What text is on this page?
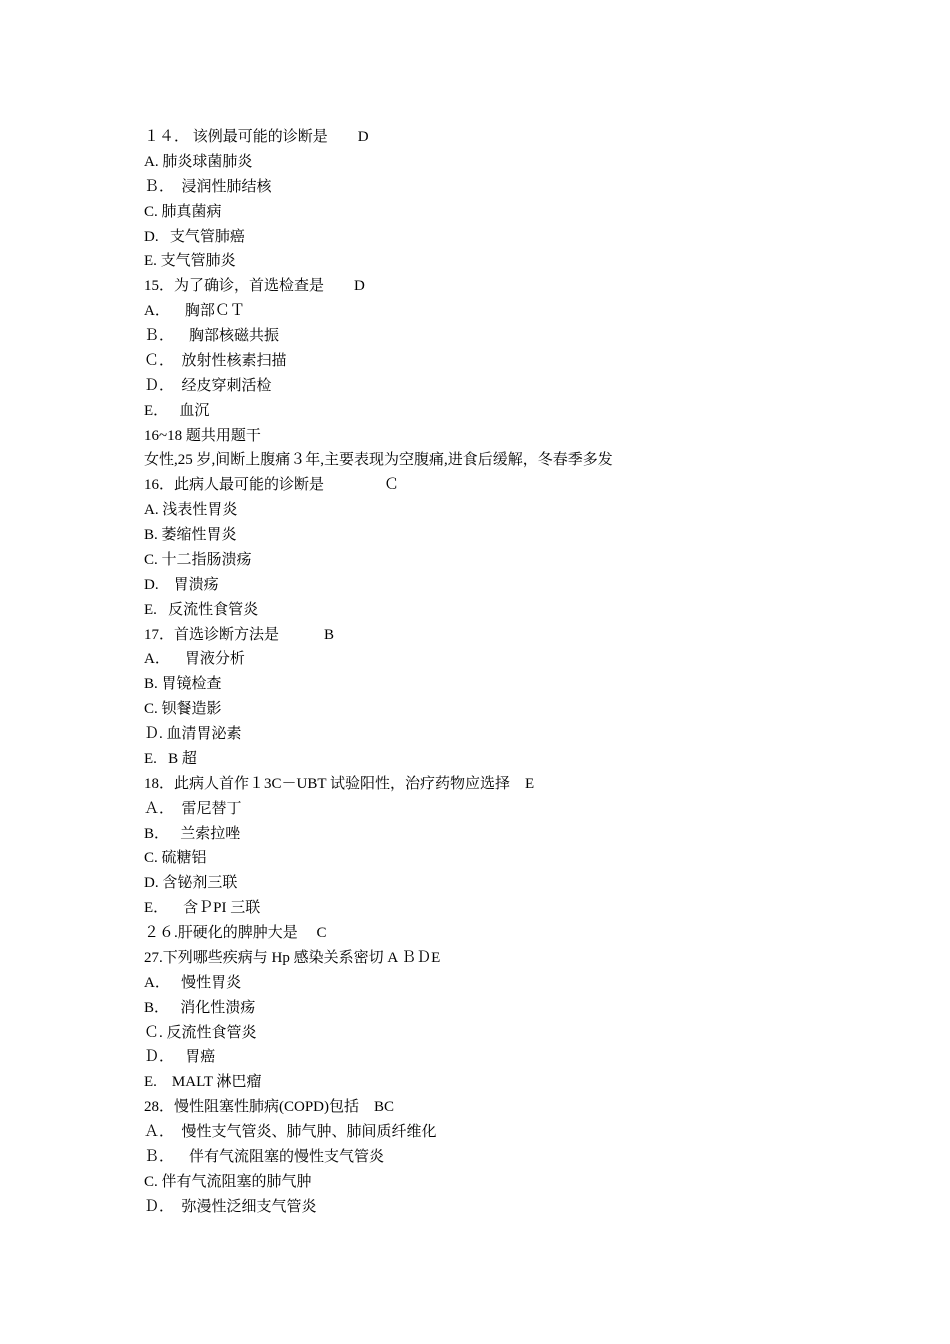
１４． 该例最可能的诊断是　　D
A. 肺炎球菌肺炎
Ｂ．  浸润性肺结核
C. 肺真菌病
D.   支气管肺癌
E. 支气管肺炎
15．为了确诊，首选检查是　　D
A．    胸部ＣＴ
Ｂ．    胸部核磁共振
Ｃ．  放射性核素扫描
Ｄ．  经皮穿刺活检
E．   血沉
16~18 题共用题干
女性,25 岁,间断上腹痛３年,主要表现为空腹痛,进食后缓解，冬春季多发
16．此病人最可能的诊断是　　　　Ｃ
A. 浅表性胃炎
B. 萎缩性胃炎
C. 十二指肠溃疡
D.    胃溃疡
E.   反流性食管炎
17．首选诊断方法是　　　B
A．    胃液分析
B. 胃镜检查
C. 钡餐造影
Ｄ. 血清胃泌素
E.   B 超
18．此病人首作１3C－UBT 试验阳性，治疗药物应选择　E
Ａ．  雷尼替丁
B．   兰索拉唑
C. 硫糖铝
D. 含铋剂三联
E．    含ＰPI 三联
２６.肝硬化的脾肿大是　 C
27.下列哪些疾病与 Hp 感染关系密切 A ＢＤE
A．   慢性胃炎
B．   消化性溃疡
Ｃ. 反流性食管炎
Ｄ．   胃癌
E.    MALT 淋巴瘤
28．慢性阻塞性肺病(COPD)包括　BC
Ａ．  慢性支气管炎、肺气肿、肺间质纤维化
Ｂ．    伴有气流阻塞的慢性支气管炎
C. 伴有气流阻塞的肺气肿
Ｄ．  弥漫性泛细支气管炎
